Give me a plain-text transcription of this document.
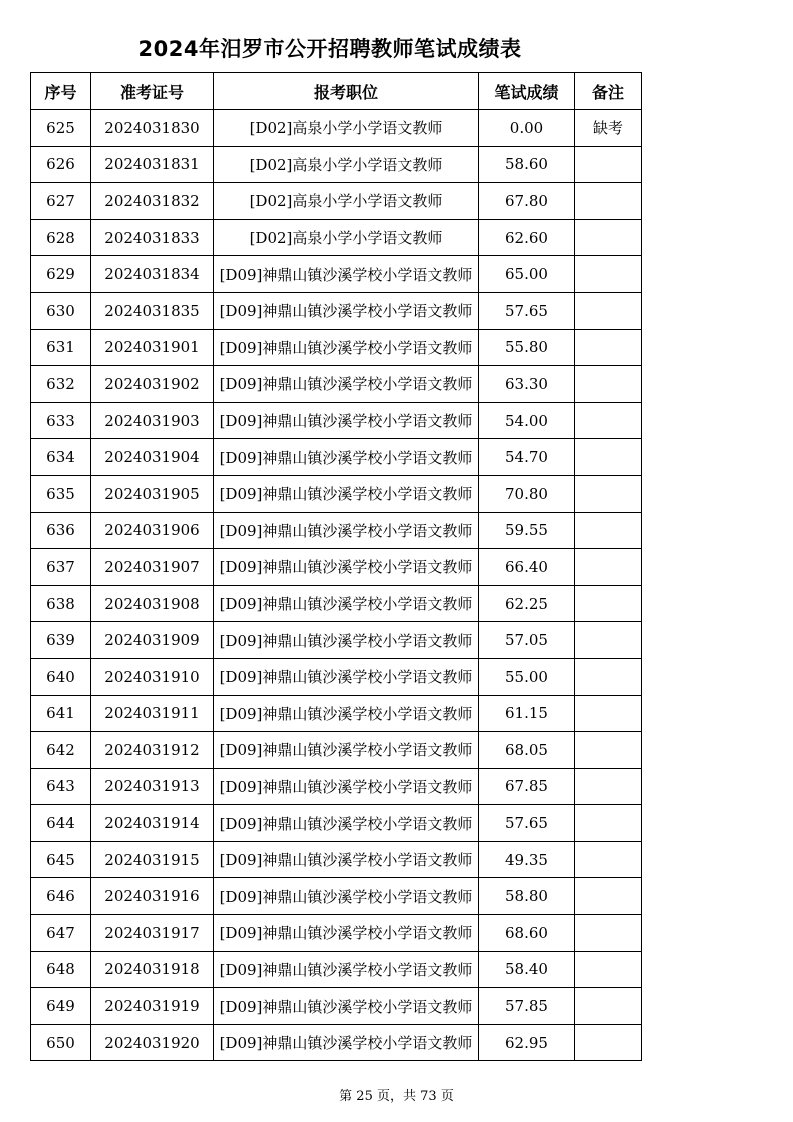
2024年汨罗市公开招聘教师笔试成绩表
序号	准考证号	报考职位	笔试成绩	备注
625	2024031830	[D02]高泉小学小学语文教师	0.00	缺考
626	2024031831	[D02]高泉小学小学语文教师	58.60	
627	2024031832	[D02]高泉小学小学语文教师	67.80	
628	2024031833	[D02]高泉小学小学语文教师	62.60	
629	2024031834	[D09]神鼎山镇沙溪学校小学语文教师	65.00	
630	2024031835	[D09]神鼎山镇沙溪学校小学语文教师	57.65	
631	2024031901	[D09]神鼎山镇沙溪学校小学语文教师	55.80	
632	2024031902	[D09]神鼎山镇沙溪学校小学语文教师	63.30	
633	2024031903	[D09]神鼎山镇沙溪学校小学语文教师	54.00	
634	2024031904	[D09]神鼎山镇沙溪学校小学语文教师	54.70	
635	2024031905	[D09]神鼎山镇沙溪学校小学语文教师	70.80	
636	2024031906	[D09]神鼎山镇沙溪学校小学语文教师	59.55	
637	2024031907	[D09]神鼎山镇沙溪学校小学语文教师	66.40	
638	2024031908	[D09]神鼎山镇沙溪学校小学语文教师	62.25	
639	2024031909	[D09]神鼎山镇沙溪学校小学语文教师	57.05	
640	2024031910	[D09]神鼎山镇沙溪学校小学语文教师	55.00	
641	2024031911	[D09]神鼎山镇沙溪学校小学语文教师	61.15	
642	2024031912	[D09]神鼎山镇沙溪学校小学语文教师	68.05	
643	2024031913	[D09]神鼎山镇沙溪学校小学语文教师	67.85	
644	2024031914	[D09]神鼎山镇沙溪学校小学语文教师	57.65	
645	2024031915	[D09]神鼎山镇沙溪学校小学语文教师	49.35	
646	2024031916	[D09]神鼎山镇沙溪学校小学语文教师	58.80	
647	2024031917	[D09]神鼎山镇沙溪学校小学语文教师	68.60	
648	2024031918	[D09]神鼎山镇沙溪学校小学语文教师	58.40	
649	2024031919	[D09]神鼎山镇沙溪学校小学语文教师	57.85	
650	2024031920	[D09]神鼎山镇沙溪学校小学语文教师	62.95	
第 25 页，共 73 页
